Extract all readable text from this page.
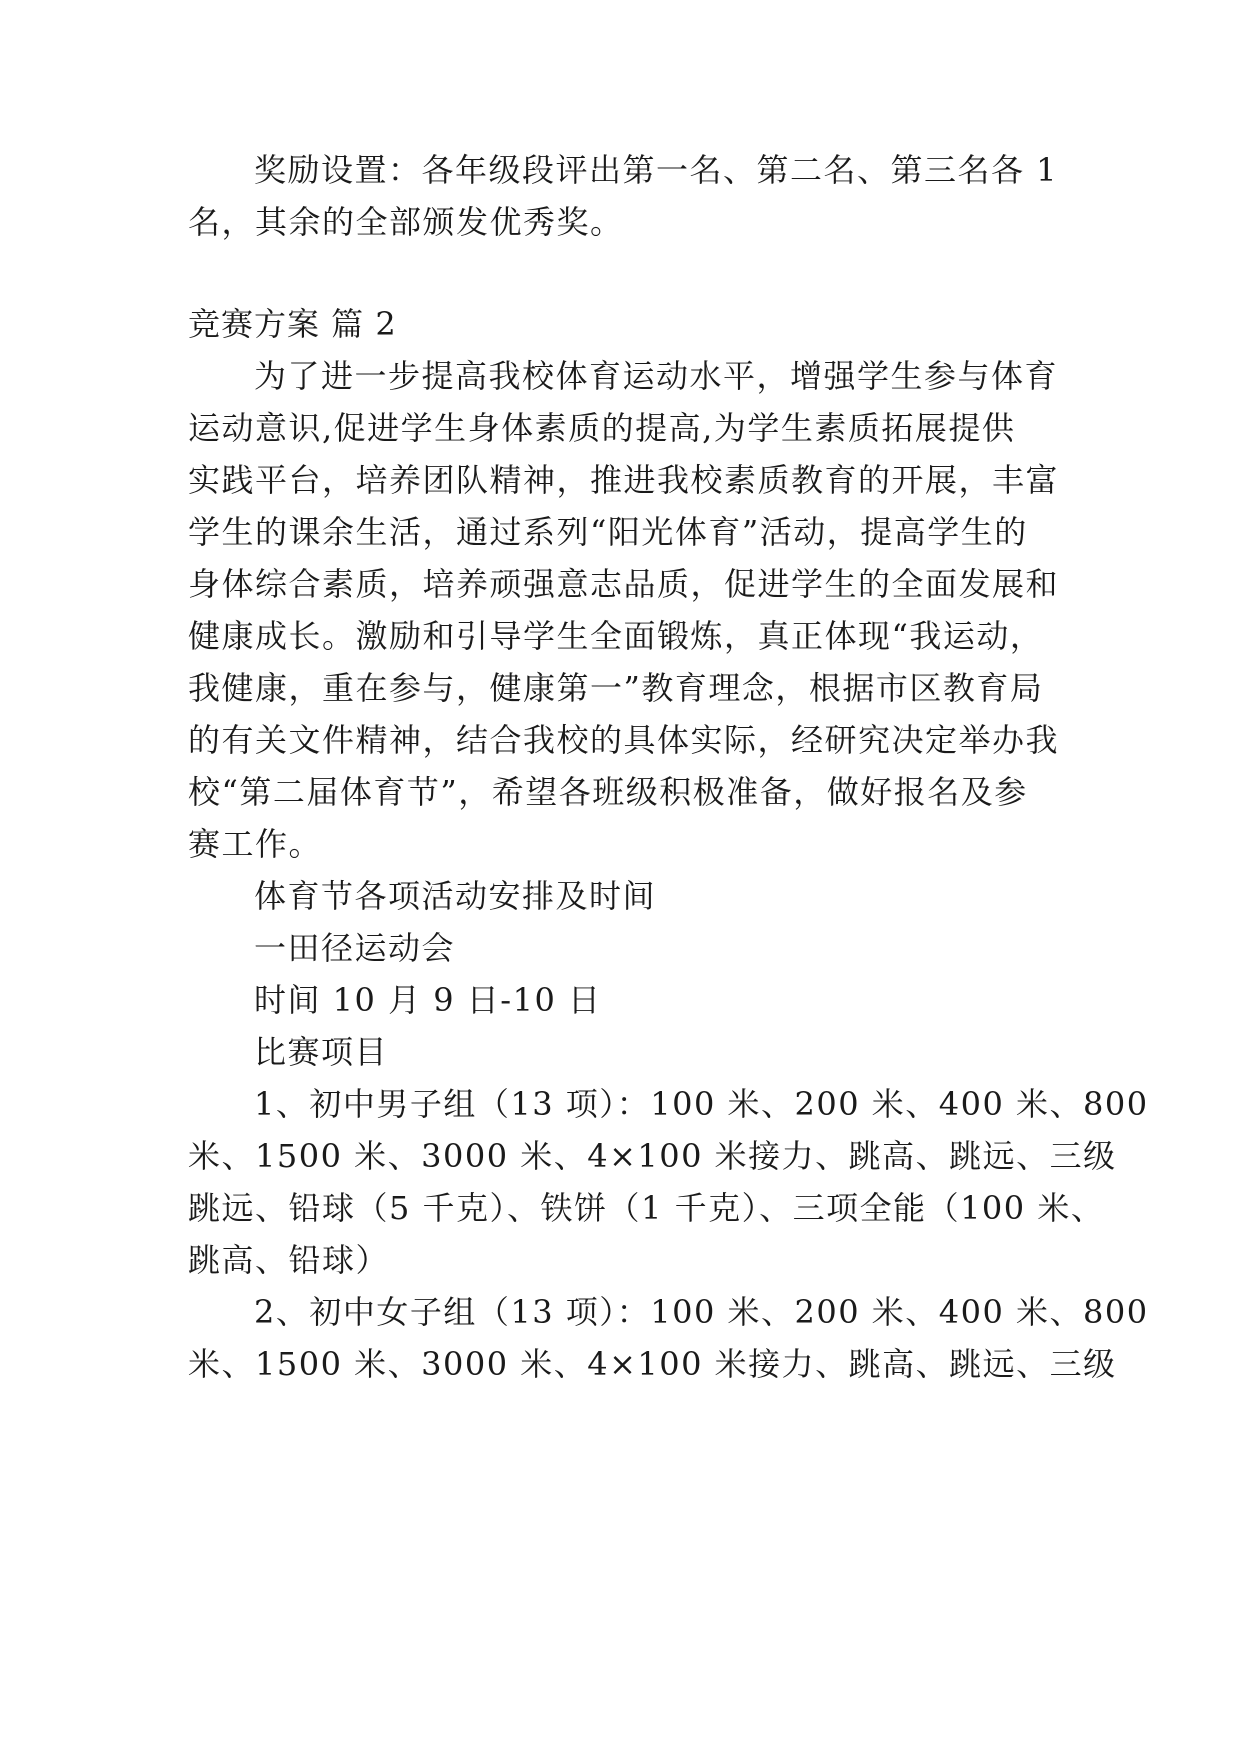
奖励设置：各年级段评出第一名、第二名、第三名各 1
名，其余的全部颁发优秀奖。
竞赛方案 篇 2
为了进一步提高我校体育运动水平，增强学生参与体育
运动意识,促进学生身体素质的提高,为学生素质拓展提供
实践平台，培养团队精神，推进我校素质教育的开展，丰富
学生的课余生活，通过系列“阳光体育”活动，提高学生的
身体综合素质，培养顽强意志品质，促进学生的全面发展和
健康成长。激励和引导学生全面锻炼，真正体现“我运动，
我健康，重在参与，健康第一”教育理念，根据市区教育局
的有关文件精神，结合我校的具体实际，经研究决定举办我
校“第二届体育节”，希望各班级积极准备，做好报名及参
赛工作。
体育节各项活动安排及时间
一田径运动会
时间 10 月 9 日-10 日
比赛项目
1、初中男子组（13 项）：100 米、200 米、400 米、800
米、1500 米、3000 米、4×100 米接力、跳高、跳远、三级
跳远、铅球（5 千克）、铁饼（1 千克）、三项全能（100 米、
跳高、铅球）
2、初中女子组（13 项）：100 米、200 米、400 米、800
米、1500 米、3000 米、4×100 米接力、跳高、跳远、三级
